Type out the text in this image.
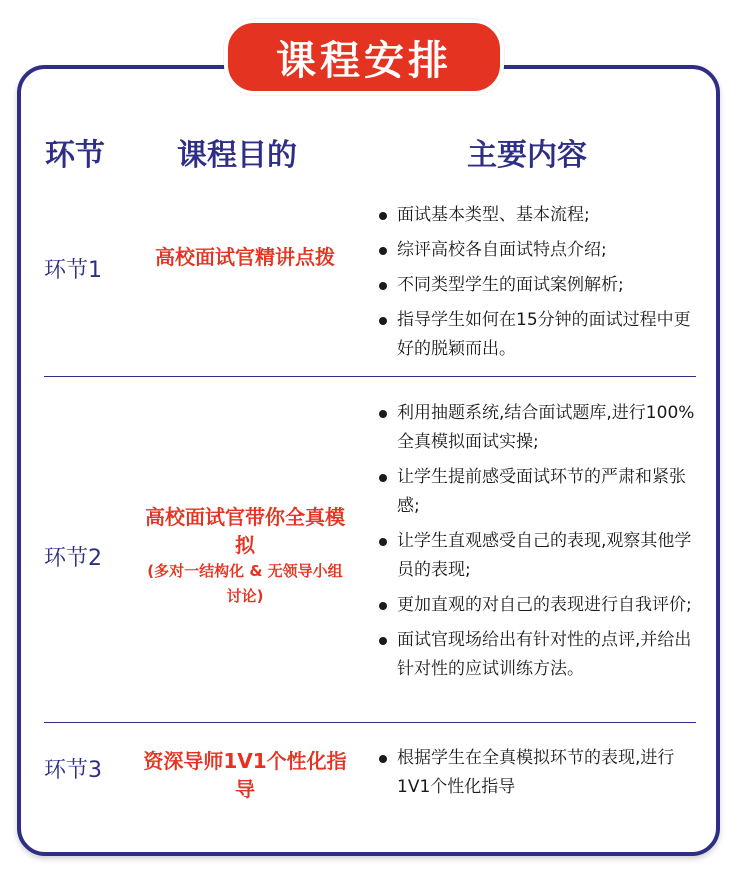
课程安排
环节 课程目的	主要内容
环节1
高校面试官精讲点拨
面试基本类型、基本流程;
综评高校各自面试特点介绍;
不同类型学生的面试案例解析;
指导学生如何在15分钟的面试过程中更好的脱颖而出。
环节2
高校面试官带你全真模拟
(多对一结构化 & 无领导小组讨论)
利用抽题系统,结合面试题库,进行100%全真模拟面试实操;
让学生提前感受面试环节的严肃和紧张感;
让学生直观感受自己的表现,观察其他学员的表现;
更加直观的对自己的表现进行自我评价;
面试官现场给出有针对性的点评,并给出针对性的应试训练方法。
环节3	资深导师1V1个性化指导
根据学生在全真模拟环节的表现,进行1V1个性化指导
